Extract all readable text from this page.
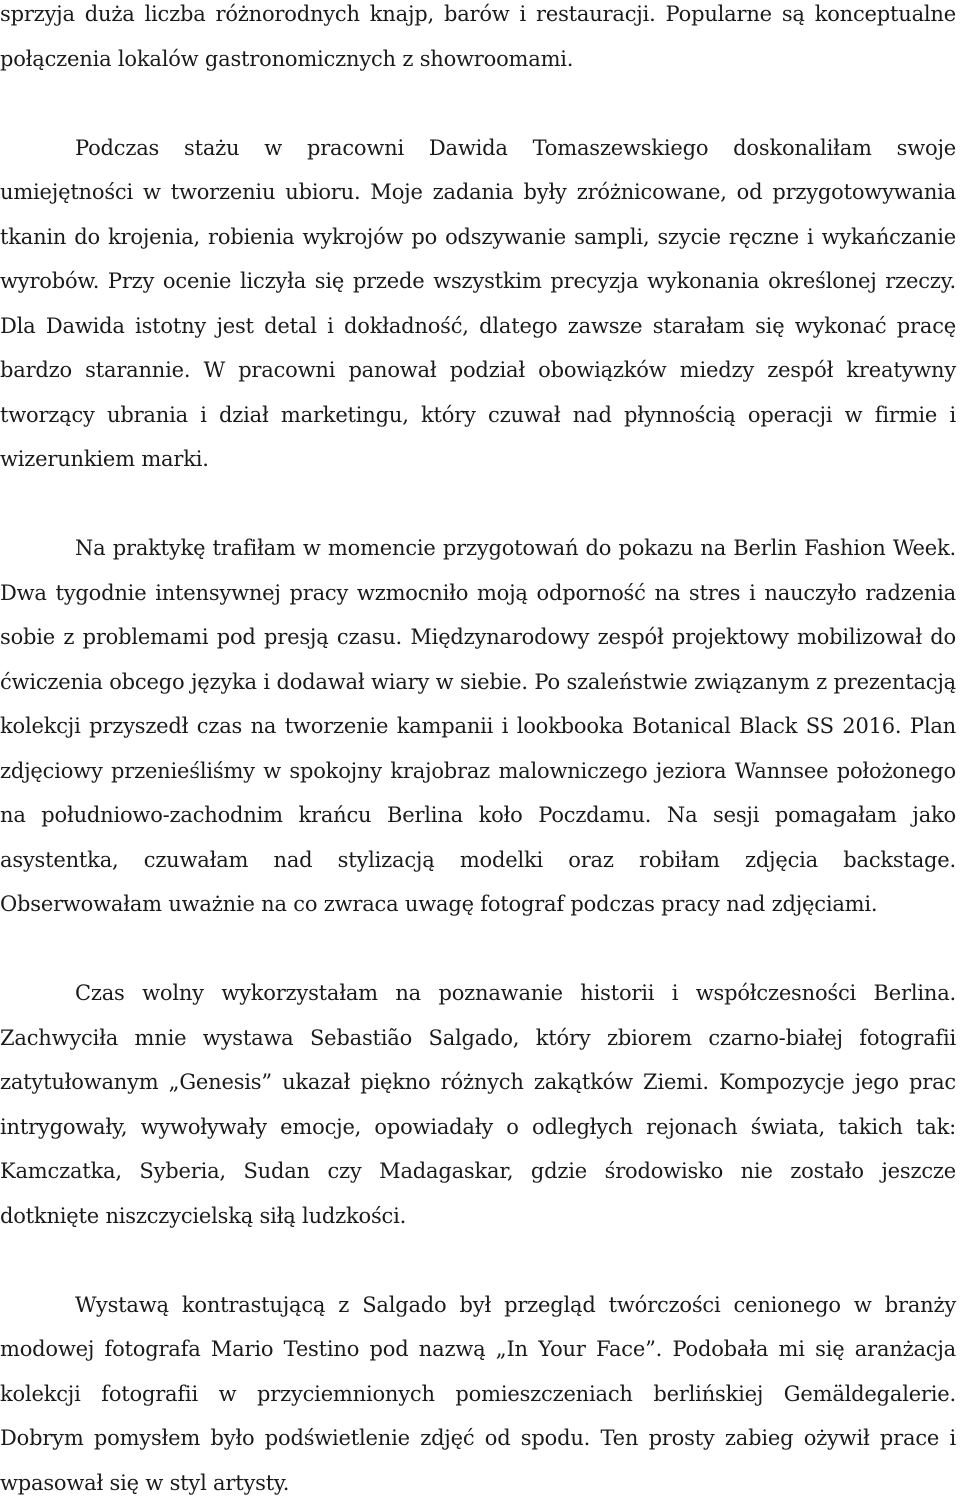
sprzyja duża liczba różnorodnych knajp, barów i restauracji. Popularne są konceptualne połączenia lokalów gastronomicznych z showroomami.

Podczas stażu w pracowni Dawida Tomaszewskiego doskonaliłam swoje umiejętności w tworzeniu ubioru. Moje zadania były zróżnicowane, od przygotowywania tkanin do krojenia, robienia wykrojów po odszywanie sampli, szycie ręczne i wykańczanie wyrobów. Przy ocenie liczyła się przede wszystkim precyzja wykonania określonej rzeczy. Dla Dawida istotny jest detal i dokładność, dlatego zawsze starałam się wykonać pracę bardzo starannie. W pracowni panował podział obowiązków miedzy zespół kreatywny tworzący ubrania i dział marketingu, który czuwał nad płynnością operacji w firmie i wizerunkiem marki.

Na praktykę trafiłam w momencie przygotowań do pokazu na Berlin Fashion Week. Dwa tygodnie intensywnej pracy wzmocniło moją odporność na stres i nauczyło radzenia sobie z problemami pod presją czasu. Międzynarodowy zespół projektowy mobilizował do ćwiczenia obcego języka i dodawał wiary w siebie. Po szaleństwie związanym z prezentacją kolekcji przyszedł czas na tworzenie kampanii i lookbooka Botanical Black SS 2016. Plan zdjęciowy przenieśliśmy w spokojny krajobraz malowniczego jeziora Wannsee położonego na południowo-zachodnim krańcu Berlina koło Poczdamu. Na sesji pomagałam jako asystentka, czuwałam nad stylizacją modelki oraz robiłam zdjęcia backstage. Obserwowałam uważnie na co zwraca uwagę fotograf podczas pracy nad zdjęciami.

Czas wolny wykorzystałam na poznawanie historii i współczesności Berlina. Zachwyciła mnie wystawa Sebastião Salgado, który zbiorem czarno-białej fotografii zatytułowanym „Genesis” ukazał piękno różnych zakątków Ziemi. Kompozycje jego prac intrygowały, wywoływały emocje, opowiadały o odległych rejonach świata, takich tak: Kamczatka, Syberia, Sudan czy Madagaskar, gdzie środowisko nie zostało jeszcze dotknięte niszczycielską siłą ludzkości.

Wystawą kontrastującą z Salgado był przegląd twórczości cenionego w branży modowej fotografa Mario Testino pod nazwą „In Your Face”. Podobała mi się aranżacja kolekcji fotografii w przyciemnionych pomieszczeniach berlińskiej Gemäldegalerie. Dobrym pomysłem było podświetlenie zdjęć od spodu. Ten prosty zabieg ożywił prace i wpasował się w styl artysty.
